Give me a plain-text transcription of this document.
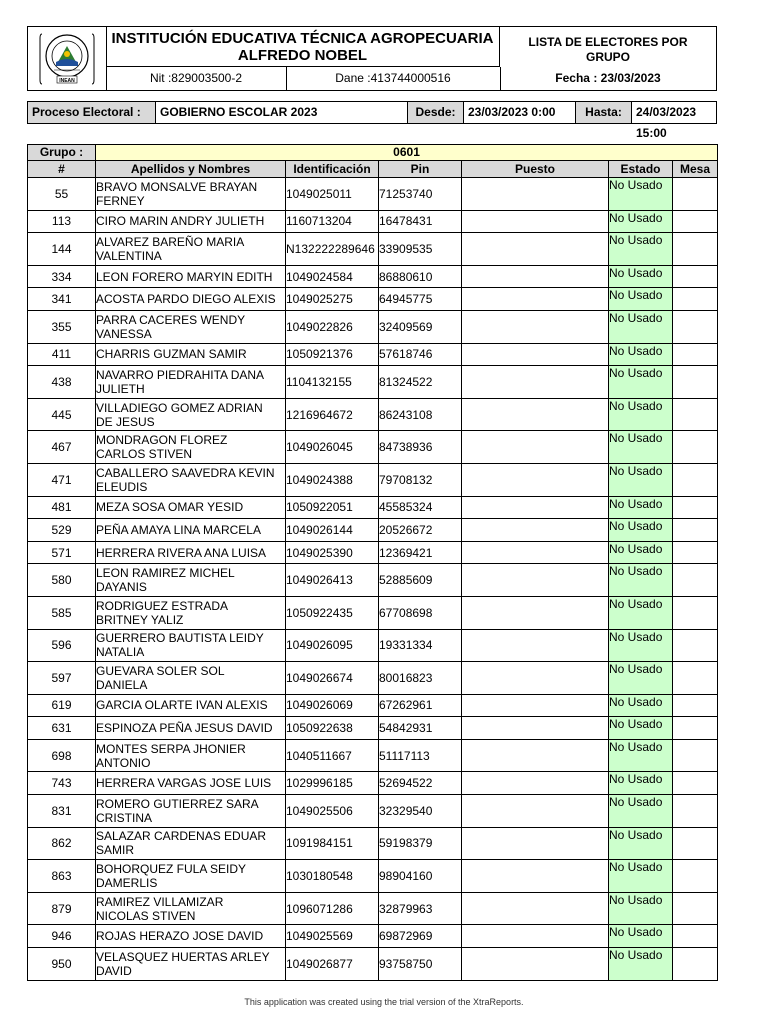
INEAN
INSTITUCIÓN EDUCATIVA TÉCNICA AGROPECUARIA
ALFREDO NOBEL
Nit :829003500-2	Dane :413744000516
LISTA DE ELECTORES POR
GRUPO
Fecha : 23/03/2023
Proceso Electoral :	GOBIERNO ESCOLAR 2023	Desde:	23/03/2023 0:00	Hasta:	24/03/2023 15:00
Grupo :	0601					
#	Apellidos y Nombres	Identificación	Pin	Puesto	Estado	Mesa
55	BRAVO MONSALVE BRAYAN
FERNEY	1049025011	71253740		No Usado	
113	CIRO MARIN ANDRY JULIETH	1160713204	16478431		No Usado	
144	ALVAREZ BAREÑO MARIA
VALENTINA	N132222289646	33909535		No Usado	
334	LEON FORERO MARYIN EDITH	1049024584	86880610		No Usado	
341	ACOSTA PARDO DIEGO ALEXIS	1049025275	64945775		No Usado	
355	PARRA CACERES WENDY
VANESSA	1049022826	32409569		No Usado	
411	CHARRIS GUZMAN SAMIR	1050921376	57618746		No Usado	
438	NAVARRO PIEDRAHITA DANA
JULIETH	1104132155	81324522		No Usado	
445	VILLADIEGO GOMEZ ADRIAN
DE JESUS	1216964672	86243108		No Usado	
467	MONDRAGON FLOREZ
CARLOS STIVEN	1049026045	84738936		No Usado	
471	CABALLERO SAAVEDRA KEVIN
ELEUDIS	1049024388	79708132		No Usado	
481	MEZA SOSA OMAR YESID	1050922051	45585324		No Usado	
529	PEÑA AMAYA LINA MARCELA	1049026144	20526672		No Usado	
571	HERRERA RIVERA ANA LUISA	1049025390	12369421		No Usado	
580	LEON RAMIREZ MICHEL
DAYANIS	1049026413	52885609		No Usado	
585	RODRIGUEZ ESTRADA
BRITNEY YALIZ	1050922435	67708698		No Usado	
596	GUERRERO BAUTISTA LEIDY
NATALIA	1049026095	19331334		No Usado	
597	GUEVARA SOLER SOL
DANIELA	1049026674	80016823		No Usado	
619	GARCIA OLARTE IVAN ALEXIS	1049026069	67262961		No Usado	
631	ESPINOZA PEÑA JESUS DAVID	1050922638	54842931		No Usado	
698	MONTES SERPA JHONIER
ANTONIO	1040511667	51117113		No Usado	
743	HERRERA VARGAS JOSE LUIS	1029996185	52694522		No Usado	
831	ROMERO GUTIERREZ SARA
CRISTINA	1049025506	32329540		No Usado	
862	SALAZAR CARDENAS EDUAR
SAMIR	1091984151	59198379		No Usado	
863	BOHORQUEZ FULA SEIDY
DAMERLIS	1030180548	98904160		No Usado	
879	RAMIREZ VILLAMIZAR
NICOLAS STIVEN	1096071286	32879963		No Usado	
946	ROJAS HERAZO JOSE DAVID	1049025569	69872969		No Usado	
950	VELASQUEZ HUERTAS ARLEY
DAVID	1049026877	93758750		No Usado	
This application was created using the trial version of the XtraReports.
